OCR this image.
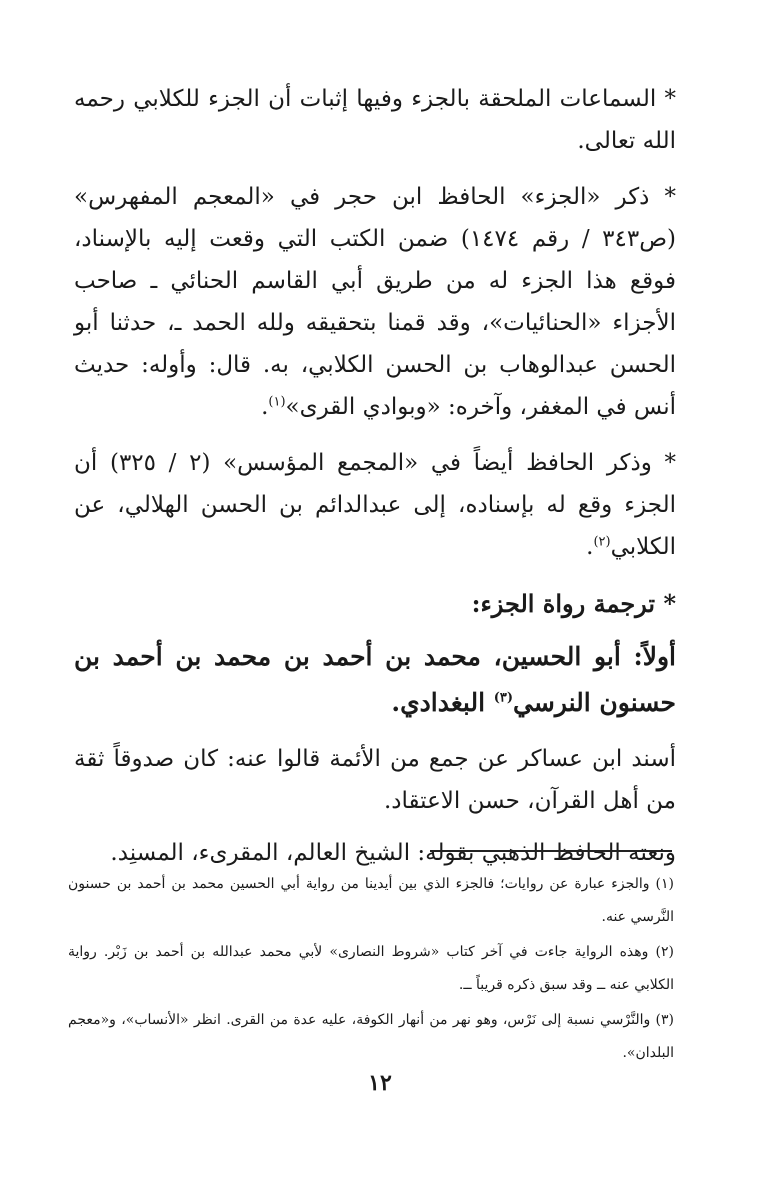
* السماعات الملحقة بالجزء وفيها إثبات أن الجزء للكلابي رحمه الله تعالى.

* ذكر «الجزء» الحافظ ابن حجر في «المعجم المفهرس» (ص٣٤٣ / رقم ١٤٧٤) ضمن الكتب التي وقعت إليه بالإسناد، فوقع هذا الجزء له من طريق أبي القاسم الحنائي ـ صاحب الأجزاء «الحنائيات»، وقد قمنا بتحقيقه ولله الحمد ـ، حدثنا أبو الحسن عبدالوهاب بن الحسن الكلابي، به. قال: وأوله: حديث أنس في المغفر، وآخره: «وبوادي القرى»$^{(١)}$.

* وذكر الحافظ أيضاً في «المجمع المؤسس» (٢ / ٣٢٥) أن الجزء وقع له بإسناده، إلى عبدالدائم بن الحسن الهلالي، عن الكلابي$^{(٢)}$.

* ترجمة رواة الجزء:

أولاً: أبو الحسين، محمد بن أحمد بن محمد بن أحمد بن حسنون النرسي$^{(٣)}$ البغدادي.

أسند ابن عساكر عن جمع من الأئمة قالوا عنه: كان صدوقاً ثقة من أهل القرآن، حسن الاعتقاد.

ونعته الحافظ الذهبي بقوله: الشيخ العالم، المقرىء، المسنِد.

(١) والجزء عبارة عن روايات؛ فالجزء الذي بين أيدينا من رواية أبي الحسين محمد بن أحمد بن حسنون النَّرسي عنه.

(٢) وهذه الرواية جاءت في آخر كتاب «شروط النصارى» لأبي محمد عبدالله بن أحمد بن زَبْر. رواية الكلابي عنه ــ وقد سبق ذكره قريباً ــ.

(٣) والنَّرْسي نسبة إلى نَرْس، وهو نهر من أنهار الكوفة، عليه عدة من القرى. انظر «الأنساب»، و«معجم البلدان».

١٢
